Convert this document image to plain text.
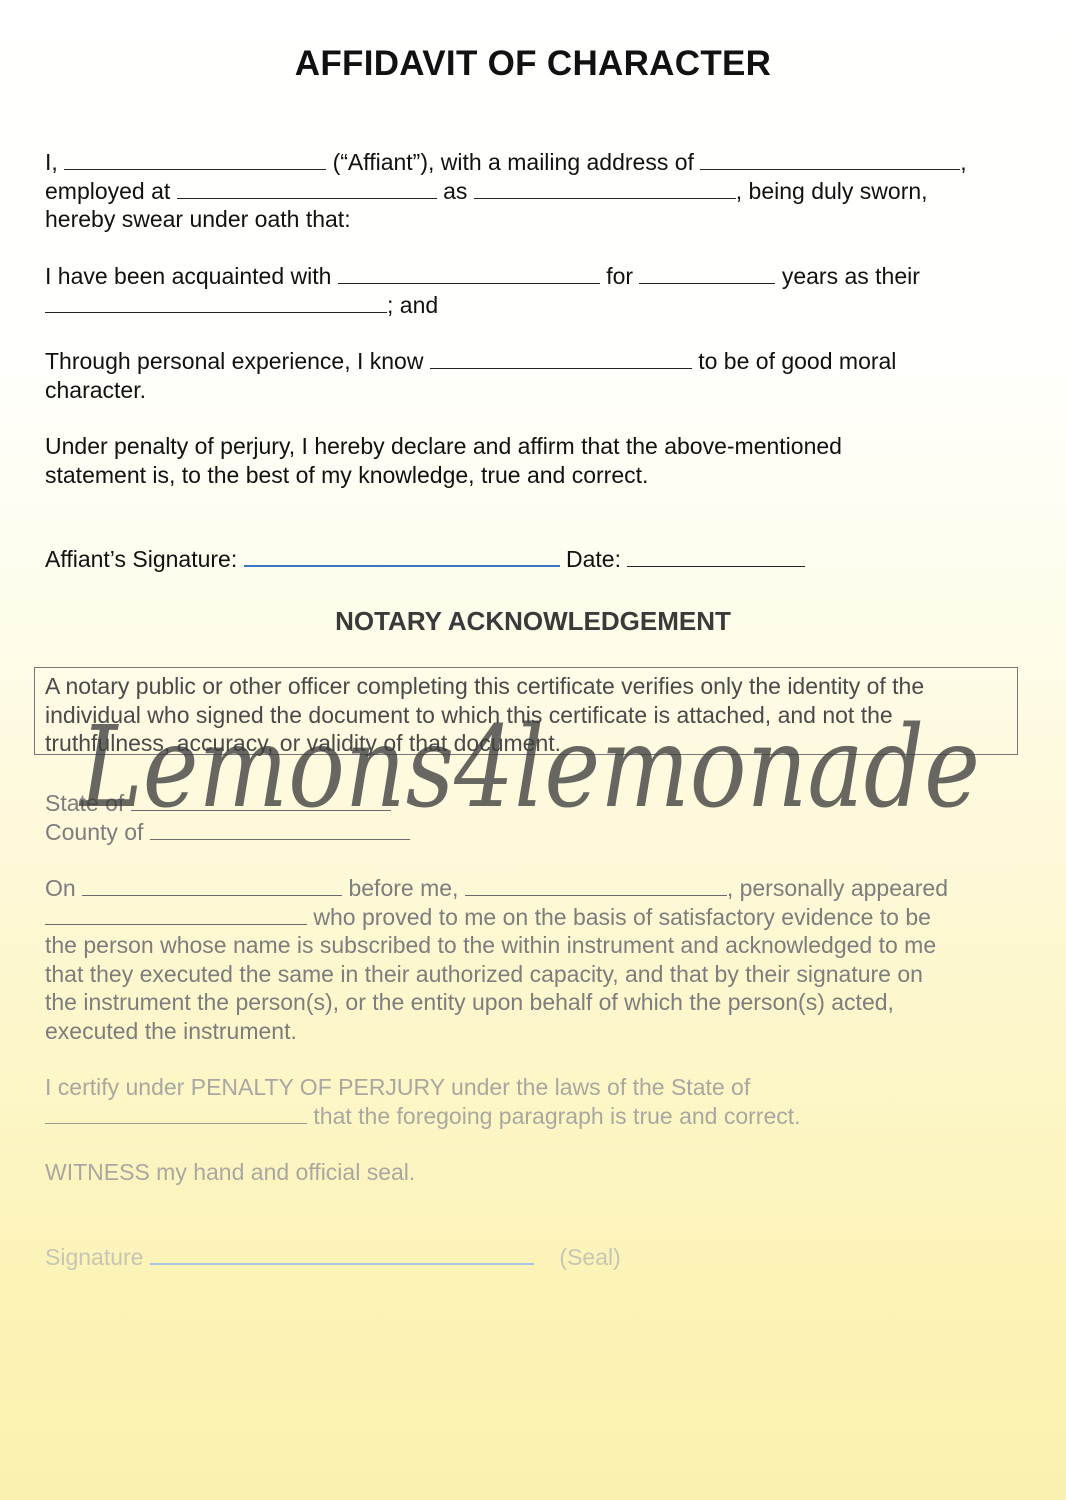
AFFIDAVIT OF CHARACTER
I,	(“Affiant”), with a mailing address of	,
employed at	as	, being duly sworn,
hereby swear under oath that:
I have been acquainted with	for	years as their
; and
Through personal experience, I know	to be of good moral
character.
Under penalty of perjury, I hereby declare and affirm that the above-mentioned
statement is, to the best of my knowledge, true and correct.
Affiant’s Signature:	Date:
NOTARY ACKNOWLEDGEMENT
A notary public or other officer completing this certificate verifies only the identity of the
individual who signed the document to which this certificate is attached, and not the
truthfulness, accuracy, or validity of that document.
State of
County of
On	before me,	, personally appeared
who proved to me on the basis of satisfactory evidence to be
the person whose name is subscribed to the within instrument and acknowledged to me
that they executed the same in their authorized capacity, and that by their signature on
the instrument the person(s), or the entity upon behalf of which the person(s) acted,
executed the instrument.
I certify under PENALTY OF PERJURY under the laws of the State of
that the foregoing paragraph is true and correct.
WITNESS my hand and official seal.
Signature	(Seal)
Lemons4lemonade
